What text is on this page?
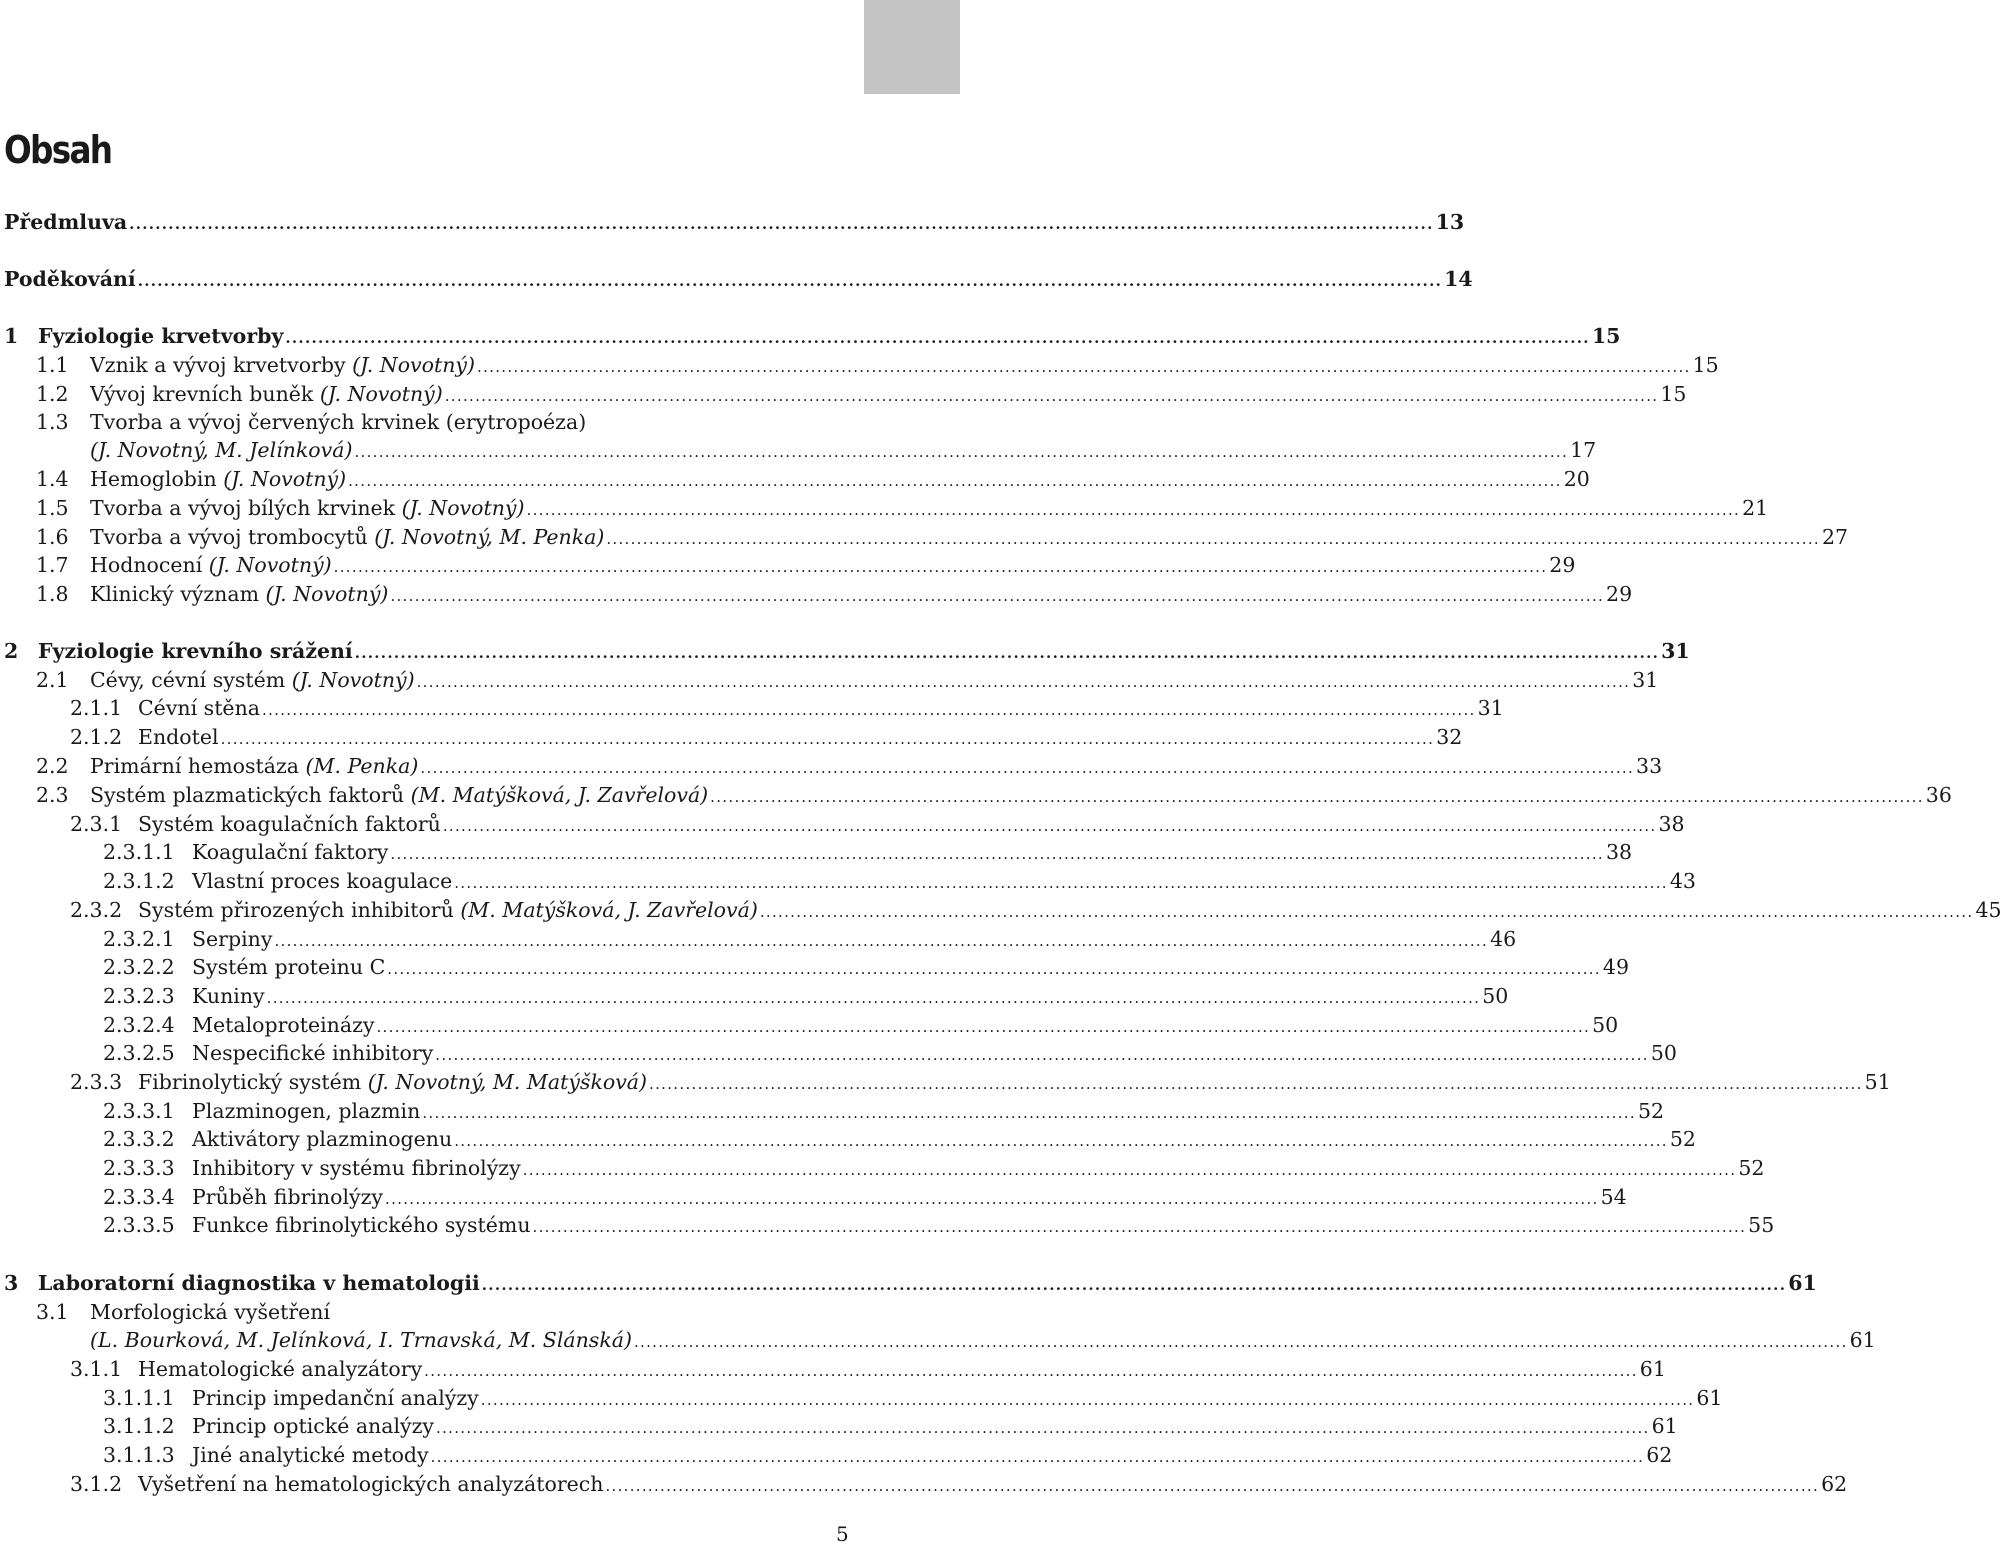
Obsah
Předmluva ........................................................................................................................................................................................................ 13
Poděkování ........................................................................................................................................................................................................ 14
1 Fyziologie krvetvorby ........................................................................................................................................................................................................ 15
1.1	Vznik a vývoj krvetvorby (J. Novotný) ........................................................................................................................................................................................................ 15
1.2	Vývoj krevních buněk (J. Novotný) ........................................................................................................................................................................................................ 15
1.3	Tvorba a vývoj červených krvinek (erytropoéza)
(J. Novotný, M. Jelínková) ........................................................................................................................................................................................................ 17
1.4	Hemoglobin (J. Novotný) ........................................................................................................................................................................................................ 20
1.5	Tvorba a vývoj bílých krvinek (J. Novotný) ........................................................................................................................................................................................................ 21
1.6	Tvorba a vývoj trombocytů (J. Novotný, M. Penka) ........................................................................................................................................................................................................ 27
1.7	Hodnocení (J. Novotný) ........................................................................................................................................................................................................ 29
1.8	Klinický význam (J. Novotný) ........................................................................................................................................................................................................ 29
2 Fyziologie krevního srážení ........................................................................................................................................................................................................ 31
2.1	Cévy, cévní systém (J. Novotný) ........................................................................................................................................................................................................ 31
2.1.1 Cévní stěna ........................................................................................................................................................................................................ 31
2.1.2 Endotel ........................................................................................................................................................................................................ 32
2.2	Primární hemostáza (M. Penka) ........................................................................................................................................................................................................ 33
2.3	Systém plazmatických faktorů (M. Matýšková, J. Zavřelová) ........................................................................................................................................................................................................ 36
2.3.1 Systém koagulačních faktorů ........................................................................................................................................................................................................ 38
2.3.1.1 Koagulační faktory ........................................................................................................................................................................................................ 38
2.3.1.2 Vlastní proces koagulace ........................................................................................................................................................................................................ 43
2.3.2 Systém přirozených inhibitorů (M. Matýšková, J. Zavřelová) ........................................................................................................................................................................................................ 45
2.3.2.1 Serpiny ........................................................................................................................................................................................................ 46
2.3.2.2 Systém proteinu C ........................................................................................................................................................................................................ 49
2.3.2.3 Kuniny ........................................................................................................................................................................................................ 50
2.3.2.4 Metaloproteinázy ........................................................................................................................................................................................................ 50
2.3.2.5 Nespecifické inhibitory ........................................................................................................................................................................................................ 50
2.3.3 Fibrinolytický systém (J. Novotný, M. Matýšková) ........................................................................................................................................................................................................ 51
2.3.3.1 Plazminogen, plazmin ........................................................................................................................................................................................................ 52
2.3.3.2 Aktivátory plazminogenu ........................................................................................................................................................................................................ 52
2.3.3.3 Inhibitory v systému fibrinolýzy ........................................................................................................................................................................................................ 52
2.3.3.4 Průběh fibrinolýzy ........................................................................................................................................................................................................ 54
2.3.3.5 Funkce fibrinolytického systému ........................................................................................................................................................................................................ 55
3 Laboratorní diagnostika v hematologii ........................................................................................................................................................................................................ 61
3.1	Morfologická vyšetření
(L. Bourková, M. Jelínková, I. Trnavská, M. Slánská) ........................................................................................................................................................................................................ 61
3.1.1 Hematologické analyzátory ........................................................................................................................................................................................................ 61
3.1.1.1 Princip impedanční analýzy ........................................................................................................................................................................................................ 61
3.1.1.2 Princip optické analýzy ........................................................................................................................................................................................................ 61
3.1.1.3 Jiné analytické metody ........................................................................................................................................................................................................ 62
3.1.2 Vyšetření na hematologických analyzátorech ........................................................................................................................................................................................................ 62
5
